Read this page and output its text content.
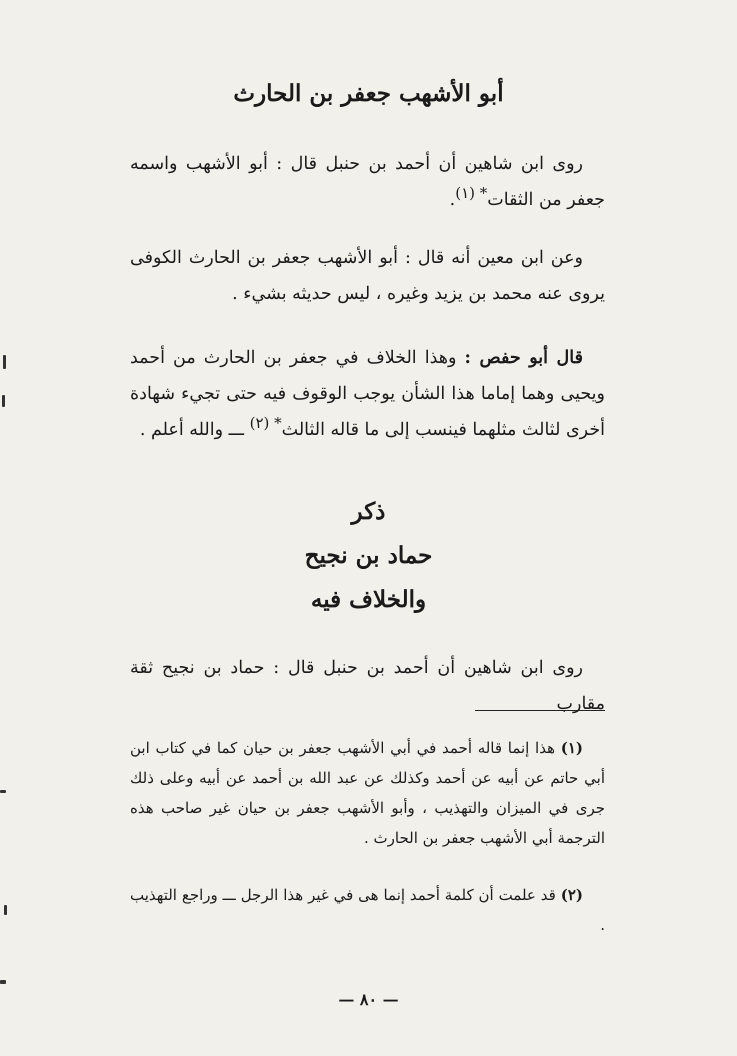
أبو الأشهب جعفر بن الحارث

روى ابن شاهين أن أحمد بن حنبل قال : أبو الأشهب واسمه جعفر من الثقات* (١).

وعن ابن معين أنه قال : أبو الأشهب جعفر بن الحارث الكوفى يروى عنه محمد بن يزيد وغيره ، ليس حديثه بشيء .

قال أبو حفص : وهذا الخلاف في جعفر بن الحارث من أحمد ويحيى وهما إماما هذا الشأن يوجب الوقوف فيه حتى تجيء شهادة أخرى لثالث مثلهما فينسب إلى ما قاله الثالث* (٢) ـــ والله أعلم .

ذكر
حماد بن نجيح
والخلاف فيه

روى ابن شاهين أن أحمد بن حنبل قال : حماد بن نجيح ثقة مقارب

(١) هذا إنما قاله أحمد في أبي الأشهب جعفر بن حيان كما في كتاب ابن أبي حاتم عن أبيه عن أحمد وكذلك عن عبد الله بن أحمد عن أبيه وعلى ذلك جرى في الميزان والتهذيب ، وأبو الأشهب جعفر بن حيان غير صاحب هذه الترجمة أبي الأشهب جعفر بن الحارث .

(٢) قد علمت أن كلمة أحمد إنما هى في غير هذا الرجل ـــ وراجع التهذيب .

— ٨٠ —
